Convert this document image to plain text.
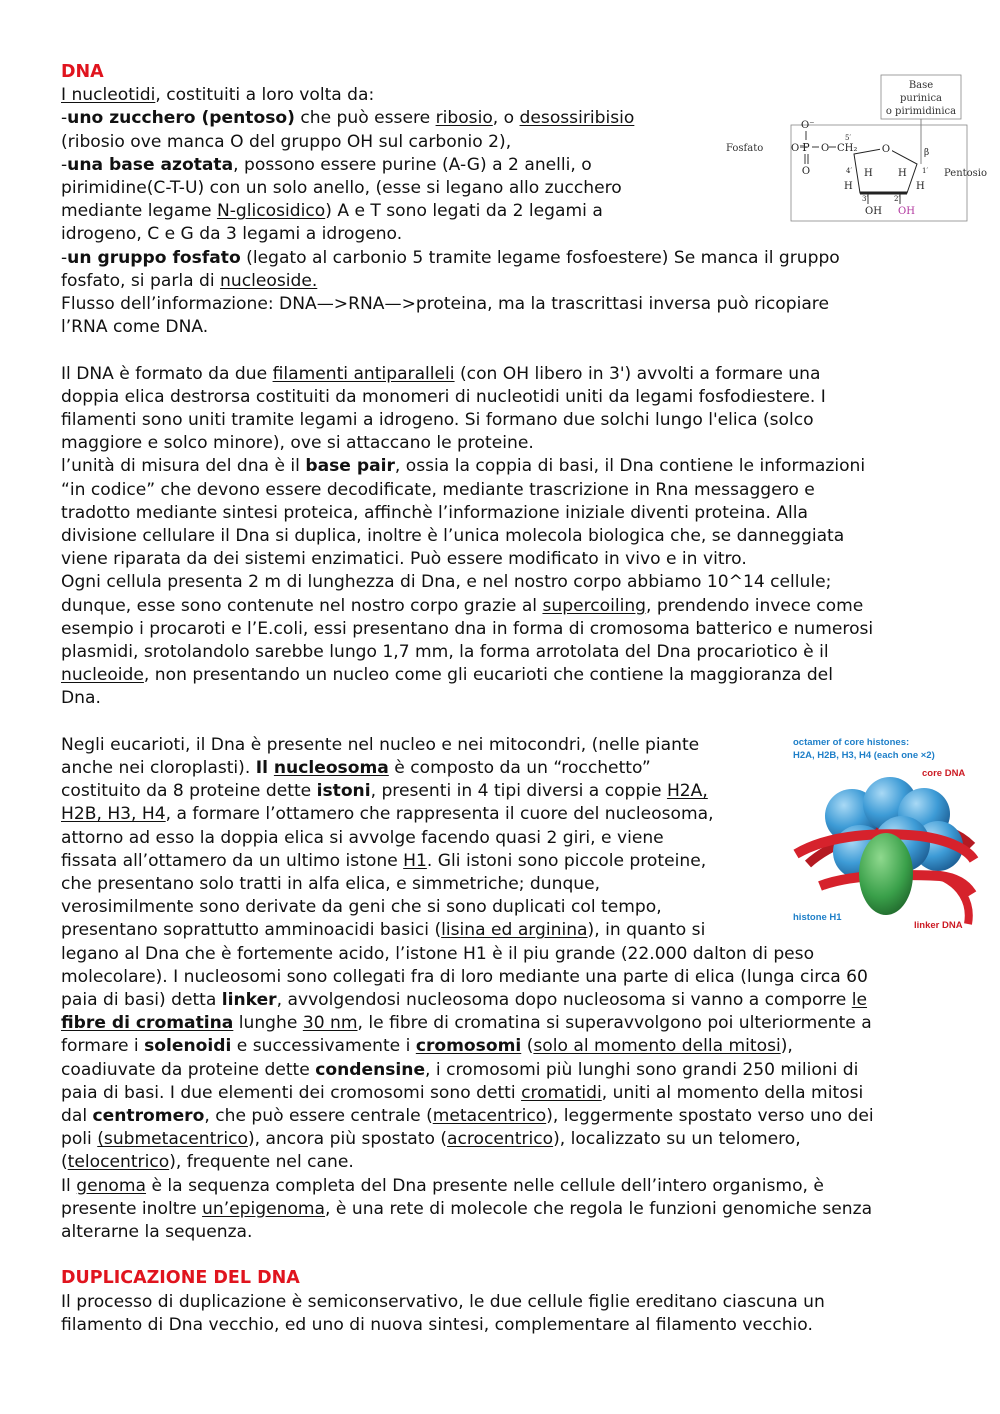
DNA
I nucleotidi, costituiti a loro volta da:
-uno zucchero (pentoso) che può essere ribosio, o desossiribisio
(ribosio ove manca O del gruppo OH sul carbonio 2),
-una base azotata, possono essere purine (A-G) a 2 anelli, o
pirimidine(C-T-U) con un solo anello, (esse si legano allo zucchero
mediante legame N-glicosidico) A e T sono legati da 2 legami a
idrogeno, C e G da 3 legami a idrogeno.
-un gruppo fosfato (legato al carbonio 5 tramite legame fosfoestere) Se manca il gruppo
fosfato, si parla di nucleoside.
Flusso dell’informazione: DNA—>RNA—>proteina, ma la trascrittasi inversa può ricopiare
l’RNA come DNA.
Il DNA è formato da due filamenti antiparalleli (con OH libero in 3') avvolti a formare una
doppia elica destrorsa costituiti da monomeri di nucleotidi uniti da legami fosfodiestere. I
filamenti sono uniti tramite legami a idrogeno. Si formano due solchi lungo l'elica (solco
maggiore e solco minore), ove si attaccano le proteine.
l’unità di misura del dna è il base pair, ossia la coppia di basi, il Dna contiene le informazioni
“in codice” che devono essere decodificate, mediante trascrizione in Rna messaggero e
tradotto mediante sintesi proteica, affinchè l’informazione iniziale diventi proteina. Alla
divisione cellulare il Dna si duplica, inoltre è l’unica molecola biologica che, se danneggiata
viene riparata da dei sistemi enzimatici. Può essere modificato in vivo e in vitro.
Ogni cellula presenta 2 m di lunghezza di Dna, e nel nostro corpo abbiamo 10^14 cellule;
dunque, esse sono contenute nel nostro corpo grazie al supercoiling, prendendo invece come
esempio i procaroti e l’E.coli, essi presentano dna in forma di cromosoma batterico e numerosi
plasmidi, srotolandolo sarebbe lungo 1,7 mm, la forma arrotolata del Dna procariotico è il
nucleoide, non presentando un nucleo come gli eucarioti che contiene la maggioranza del
Dna.
Negli eucarioti, il Dna è presente nel nucleo e nei mitocondri, (nelle piante
anche nei cloroplasti). Il nucleosoma è composto da un “rocchetto”
costituito da 8 proteine dette istoni, presenti in 4 tipi diversi a coppie H2A,
H2B, H3, H4, a formare l’ottamero che rappresenta il cuore del nucleosoma,
attorno ad esso la doppia elica si avvolge facendo quasi 2 giri, e viene
fissata all’ottamero da un ultimo istone H1. Gli istoni sono piccole proteine,
che presentano solo tratti in alfa elica, e simmetriche; dunque,
verosimilmente sono derivate da geni che si sono duplicati col tempo,
presentano soprattutto amminoacidi basici (lisina ed arginina), in quanto si
legano al Dna che è fortemente acido, l’istone H1 è il piu grande (22.000 dalton di peso
molecolare). I nucleosomi sono collegati fra di loro mediante una parte di elica (lunga circa 60
paia di basi) detta linker, avvolgendosi nucleosoma dopo nucleosoma si vanno a comporre le
fibre di cromatina lunghe 30 nm, le fibre di cromatina si superavvolgono poi ulteriormente a
formare i solenoidi e successivamente i cromosomi (solo al momento della mitosi),
coadiuvate da proteine dette condensine, i cromosomi più lunghi sono grandi 250 milioni di
paia di basi. I due elementi dei cromosomi sono detti cromatidi, uniti al momento della mitosi
dal centromero, che può essere centrale (metacentrico), leggermente spostato verso uno dei
poli (submetacentrico), ancora più spostato (acrocentrico), localizzato su un telomero,
(telocentrico), frequente nel cane.
Il genoma è la sequenza completa del Dna presente nelle cellule dell’intero organismo, è
presente inoltre un’epigenoma, è una rete di molecole che regola le funzioni genomiche senza
alterarne la sequenza.
DUPLICAZIONE DEL DNA
Il processo di duplicazione è semiconservativo, le due cellule figlie ereditano ciascuna un
filamento di Dna vecchio, ed uno di nuova sintesi, complementare al filamento vecchio.
Base
purinica
o pirimidinica
Fosfato
Pentosio
O⁻
O⁻
P
O
O CH₂
5′
O
4′	1′
β
H	H
H	H
3′	2′
OH OH
octamer of core histones:
H2A, H2B, H3, H4 (each one ×2)
core DNA
histone H1
linker DNA
